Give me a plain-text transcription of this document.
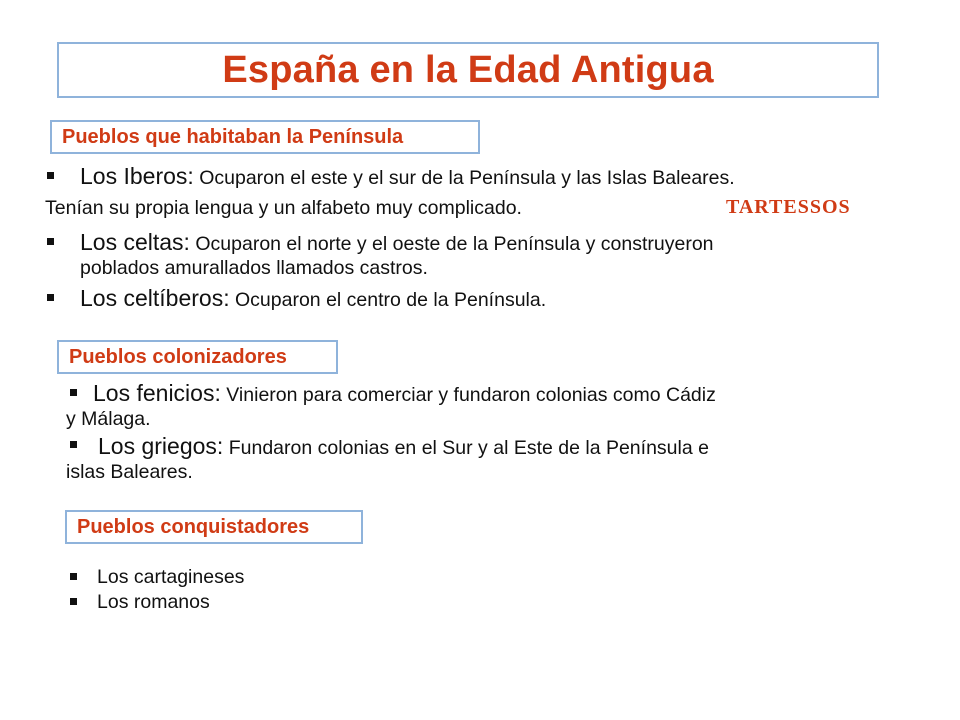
España en la Edad Antigua
Pueblos que habitaban la Península
Los Iberos: Ocuparon el este y el sur de la Península y las Islas Baleares.
Tenían su propia lengua y un alfabeto muy complicado.	TARTESSOS
Los celtas: Ocuparon el norte y el oeste de la Península y construyeron
poblados amurallados llamados castros.
Los celtíberos: Ocuparon el centro de la Península.
Pueblos colonizadores
Los fenicios: Vinieron para comerciar y fundaron colonias como Cádiz
y Málaga.
Los griegos: Fundaron colonias en el Sur y al Este de la Península e
islas Baleares.
Pueblos conquistadores
Los cartagineses
Los romanos
